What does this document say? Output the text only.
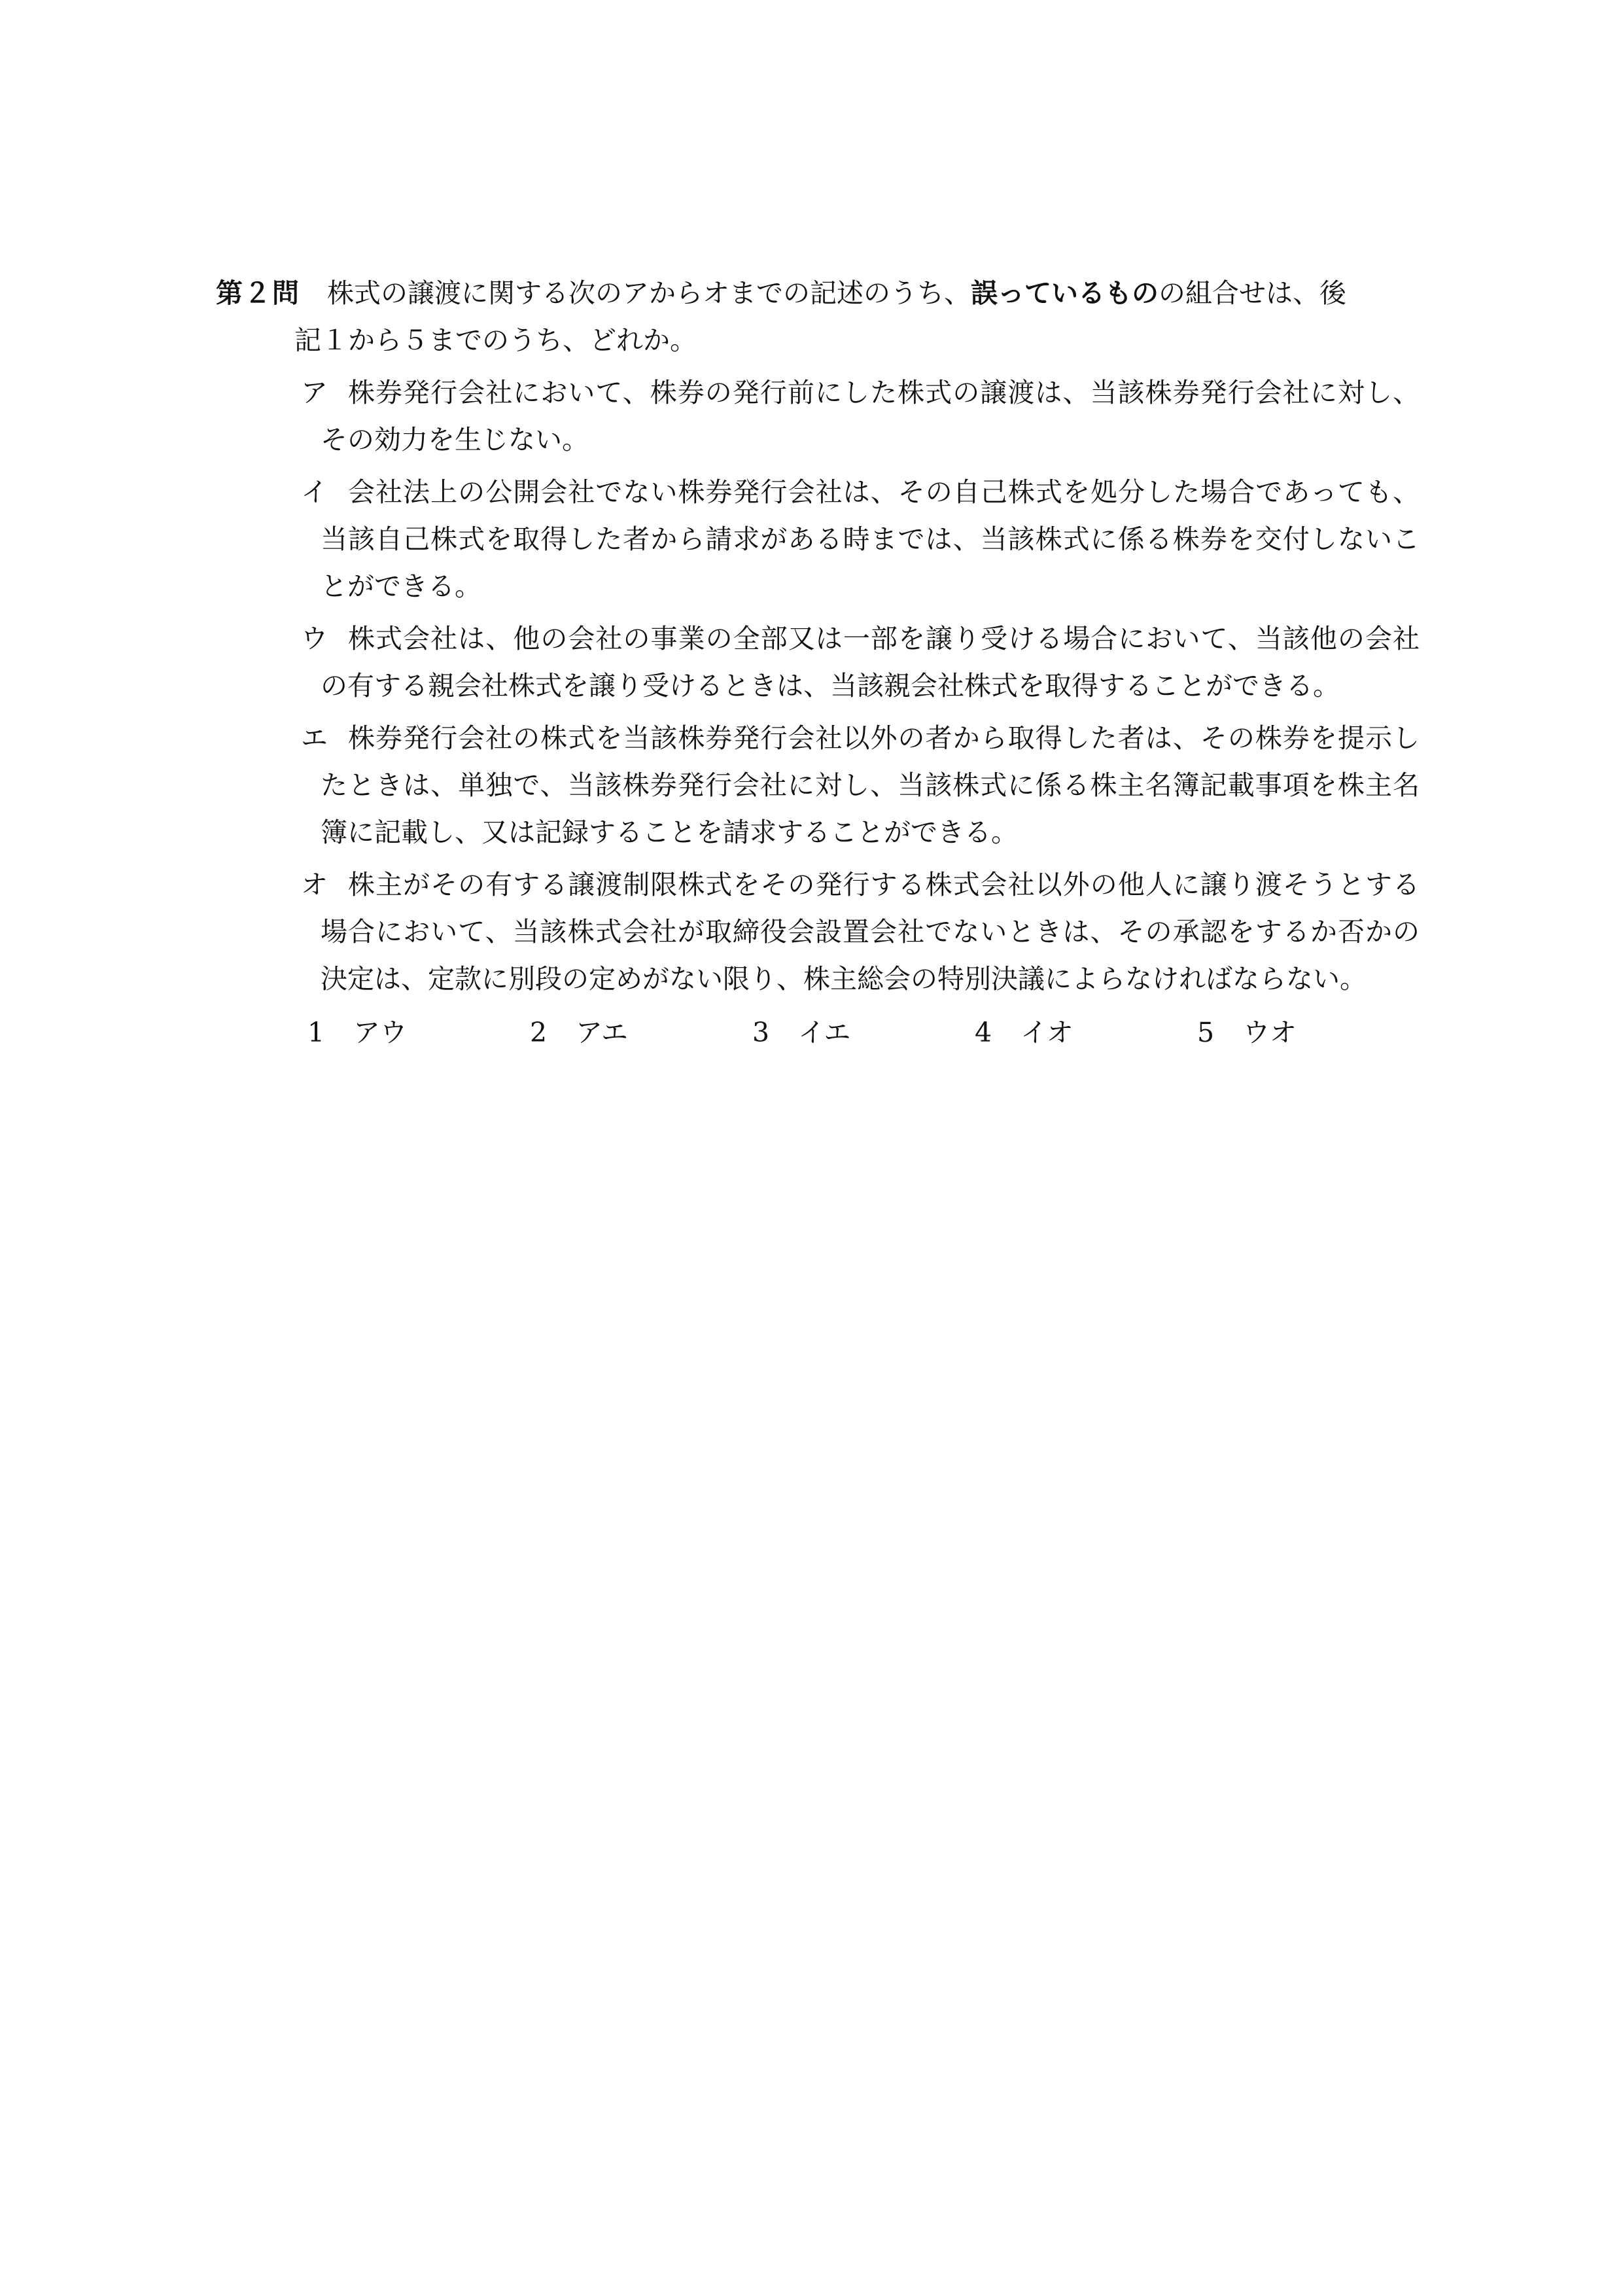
第２問	株式の譲渡に関する次のアからオまでの記述のうち、誤っているものの組合せは、後
記１から５までのうち、どれか。
ア 株券発行会社において、株券の発行前にした株式の譲渡は、当該株券発行会社に対し、その効力を生じない。
イ 会社法上の公開会社でない株券発行会社は、その自己株式を処分した場合であっても、当該自己株式を取得した者から請求がある時までは、当該株式に係る株券を交付しないことができる。
ウ 株式会社は、他の会社の事業の全部又は一部を譲り受ける場合において、当該他の会社の有する親会社株式を譲り受けるときは、当該親会社株式を取得することができる。
エ 株券発行会社の株式を当該株券発行会社以外の者から取得した者は、その株券を提示したときは、単独で、当該株券発行会社に対し、当該株式に係る株主名簿記載事項を株主名簿に記載し、又は記録することを請求することができる。
オ 株主がその有する譲渡制限株式をその発行する株式会社以外の他人に譲り渡そうとする場合において、当該株式会社が取締役会設置会社でないときは、その承認をするか否かの決定は、定款に別段の定めがない限り、株主総会の特別決議によらなければならない。
1	アウ	2	アエ	3	イエ	4	イオ	5	ウオ
